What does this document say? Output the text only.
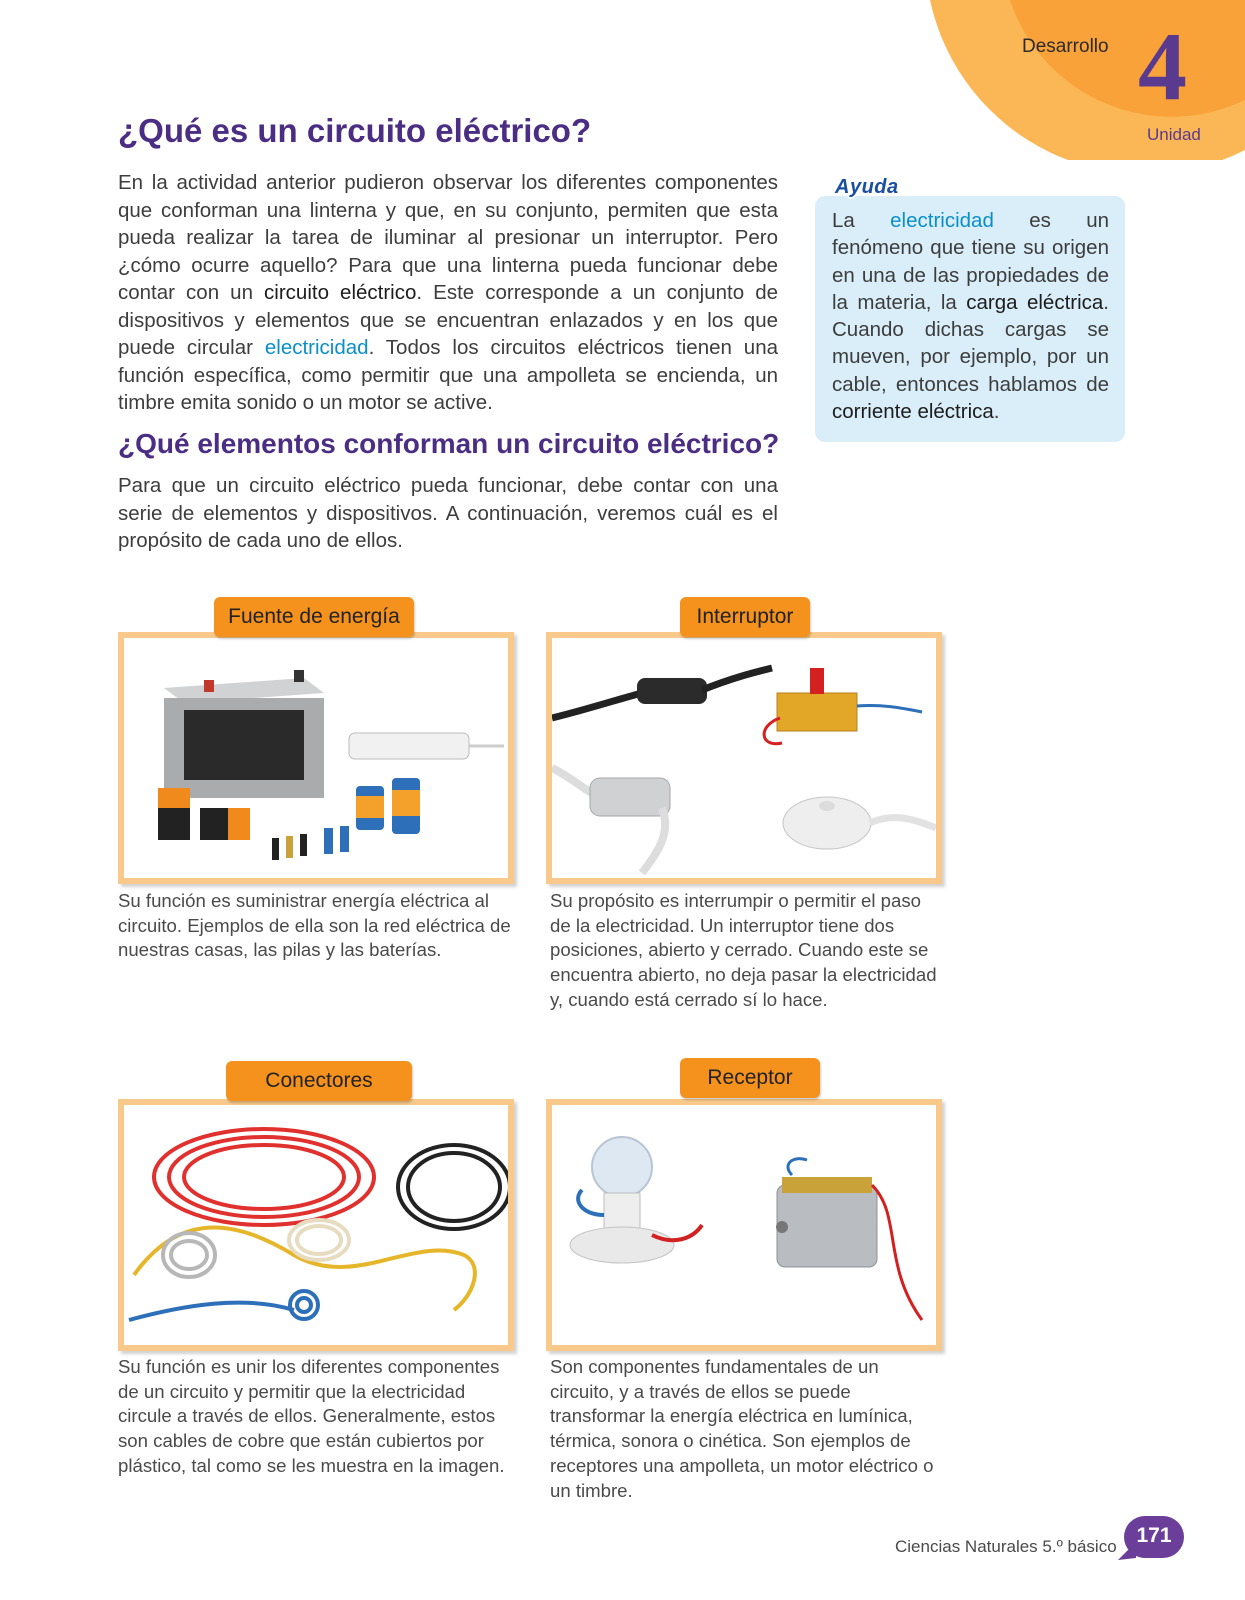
Desarrollo 4
Unidad
¿Qué es un circuito eléctrico?

En la actividad anterior pudieron observar los diferentes componentes que conforman una linterna y que, en su conjunto, permiten que esta pueda realizar la tarea de iluminar al presionar un interruptor. Pero ¿cómo ocurre aquello? Para que una linterna pueda funcionar debe contar con un circuito eléctrico. Este corresponde a un conjunto de dispositivos y elementos que se encuentran enlazados y en los que puede circular electricidad. Todos los circuitos eléctricos tienen una función específica, como permitir que una ampolleta se encienda, un timbre emita sonido o un motor se active.

¿Qué elementos conforman un circuito eléctrico?

Para que un circuito eléctrico pueda funcionar, debe contar con una serie de elementos y dispositivos. A continuación, veremos cuál es el propósito de cada uno de ellos.

Ayuda

La electricidad es un fenómeno que tiene su origen en una de las propiedades de la materia, la carga eléctrica. Cuando dichas cargas se mueven, por ejemplo, por un cable, entonces hablamos de corriente eléctrica.

Fuente de energía

Su función es suministrar energía eléctrica al circuito. Ejemplos de ella son la red eléctrica de nuestras casas, las pilas y las baterías.

Interruptor

Su propósito es interrumpir o permitir el paso de la electricidad. Un interruptor tiene dos posiciones, abierto y cerrado. Cuando este se encuentra abierto, no deja pasar la electricidad y, cuando está cerrado sí lo hace.

Conectores

Su función es unir los diferentes componentes de un circuito y permitir que la electricidad circule a través de ellos. Generalmente, estos son cables de cobre que están cubiertos por plástico, tal como se les muestra en la imagen.

Receptor

Son componentes fundamentales de un circuito, y a través de ellos se puede transformar la energía eléctrica en lumínica, térmica, sonora o cinética. Son ejemplos de receptores una ampolleta, un motor eléctrico o un timbre.

Ciencias Naturales 5.º básico 171
